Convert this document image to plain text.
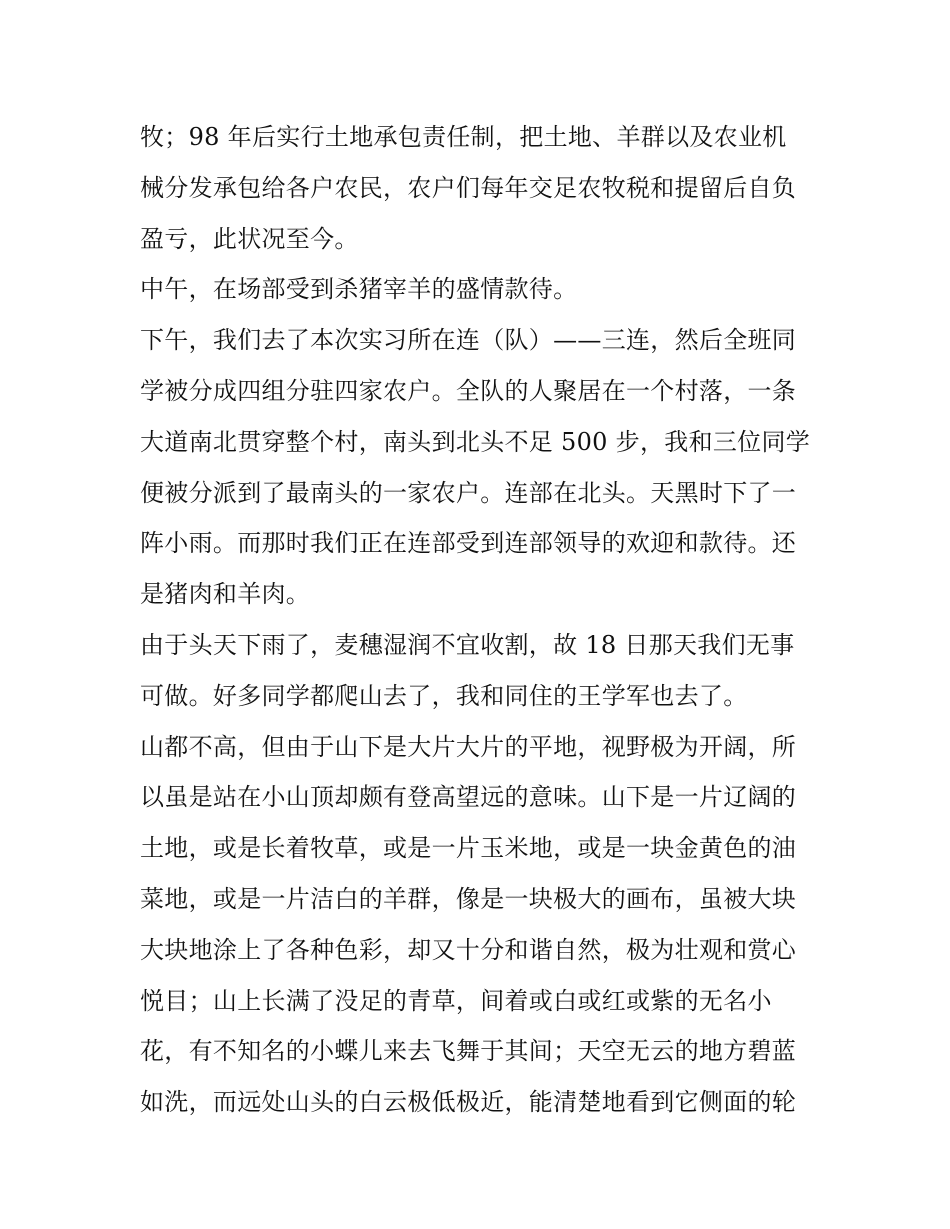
牧；98 年后实行土地承包责任制，把土地、羊群以及农业机
械分发承包给各户农民，农户们每年交足农牧税和提留后自负
盈亏，此状况至今。
中午，在场部受到杀猪宰羊的盛情款待。
下午，我们去了本次实习所在连（队）——三连，然后全班同
学被分成四组分驻四家农户。全队的人聚居在一个村落，一条
大道南北贯穿整个村，南头到北头不足 500 步，我和三位同学
便被分派到了最南头的一家农户。连部在北头。天黑时下了一
阵小雨。而那时我们正在连部受到连部领导的欢迎和款待。还
是猪肉和羊肉。
由于头天下雨了，麦穗湿润不宜收割，故 18 日那天我们无事
可做。好多同学都爬山去了，我和同住的王学军也去了。
山都不高，但由于山下是大片大片的平地，视野极为开阔，所
以虽是站在小山顶却颇有登高望远的意味。山下是一片辽阔的
土地，或是长着牧草，或是一片玉米地，或是一块金黄色的油
菜地，或是一片洁白的羊群，像是一块极大的画布，虽被大块
大块地涂上了各种色彩，却又十分和谐自然，极为壮观和赏心
悦目；山上长满了没足的青草，间着或白或红或紫的无名小
花，有不知名的小蝶儿来去飞舞于其间；天空无云的地方碧蓝
如洗，而远处山头的白云极低极近，能清楚地看到它侧面的轮
